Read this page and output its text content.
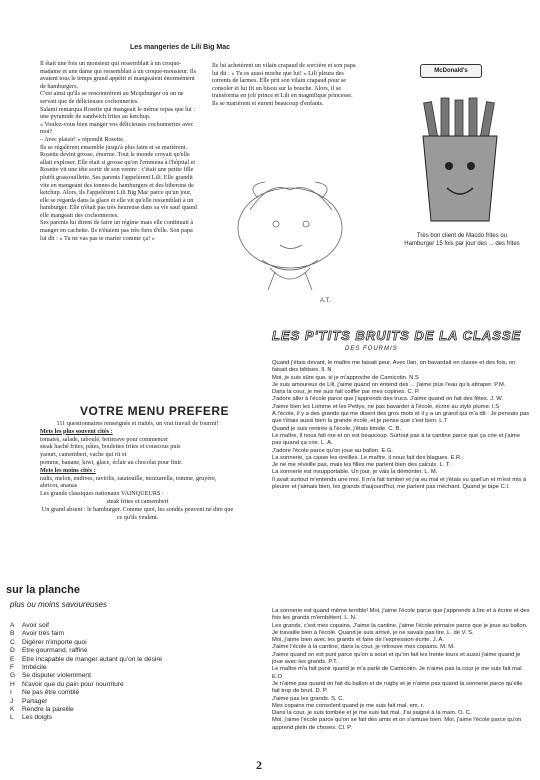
Les mangeries de Lili Big Mac

Il était une fois un monsieur qui ressemblait à un croque-madame et une dame qui ressemblait à un croque-monsieur. Ils avaient tous le temps grand appétit et mangeaient énormément de hamburgers.

C'est ainsi qu'ils se rencontrèrent au Mcquburger où on ne servait que de délicieuses cochonneries.

Salami remarqua Rosette qui mangeait le même repas que lui : une pyramide de sandwich frites au ketchup.

« Voulez-vous bien manger vos délicieuses cochonneries avec moi?

– Avec plaisir! » répondit Rosette.

Ils se régalèrent ensemble jusqu'à plus faim et se marièrent. Rosette devint grosse, énorme. Tout le monde croyait qu'elle allait exploser. Elle était si grosse qu'on l'emmena à l'hôpital et Rosette vit une tête sortir de son ventre : c'était une petite fille plutôt grassouillette. Ses parents l'appelèrent Lili. Elle grandit vite en mangeant des tonnes de hamburgers et des biberons de ketchup. Alors, ils l'appelèrent Lili Big Mac parce qu'un jour, elle se regarda dans la glace et elle vit qu'elle ressemblait à un hamburger. Elle n'était pas très heureuse dans sa vie sauf quand elle mangeait des cochonneries.

Ses parents lui dirent de faire un régime mais elle continuait à manger en cachette. Ils n'étaient pas très fiers d'elle. Son papa lui dit : « Tu ne vas pas te marier comme ça! »

Ils lui achetèrent un vilain crapaud de sorcière et son papa lui dit : « Tu es aussi moche que lui! » Lili pleura des torrents de larmes. Elle prit son vilain crapaud pour se consoler et lui fit un bisou sur la bouche. Alors, il se transforma en joli prince et Lili en magnifique princesse. Ils se marièrent et eurent beaucoup d'enfants.

A.T.
McDonald's
Très bon client de Macdo frites ou Hamburger 15 fois par jour des ... des frites
VOTRE MENU PREFERE
111 questionnaires renseignés et traités, un vrai travail de fourmi!
Mets les plus souvent cités :
tomates, salade, taboulé, betterave pour commencer
steak haché frites, pâtes, boulettes frites et couscous puis
yaourt, camembert, vache qui rit et
pomme, banane, kiwi, glace, éclair au chocolat pour finir.
Mets les moins cités :
radis, melon, endives, raviolis, ratatouille, mozzarella, tomme, gruyère, abricot, ananas
Les grands classiques nationaux VAINQUEURS :
steak frites et camembert
Un grand absent : le hamburger. Comme quoi, les sondés peuvent ne dire que ce qu'ils veulent.
sur la planche
plus ou moins savoureuses
A	Avoir soif
B	Avoir très faim
C	Digérer n'importe quoi
D	Etre gourmand, raffiné
E	Etre incapable de manger autant qu'on le désire
F	Imbécile
G	Se disputer violemment
H	N'avoir que du pain pour nourriture
I	Ne pas être comblé
J	Partager
K	Rendre la pareille
L	Les doigts
LES P'TITS BRUITS DE LA CLASSE
DES FOURMIS

Quand j'étais devant, le maître me faisait peur. Avec Ilan, on bavardait en classe et des fois, on faisait des bêtises. Il. N

Moi, je suis sûre que, si je m'approche de Camicotin. N.S

Je suis amoureux de Lili, j'aime quand on entend des ... j'aime plus l'eau qu'à attraper. P.M.

Dans la cour, je me suis fait coiffer par mes copines. C. P.

J'adore aller à l'école parce que j'apprends des trucs. J'aime quand on fait des fêtes. J. W.

J'aime bien les Lomme et les Pettys, ne pas bavarder à l'école, écrire au stylo plume. I.S

À l'école, il y a des grands qui me disent des gros mots et il y a un grand qui m'a dit : Je pensais pas que t'étais aussi bien la grande école, et je pense que c'est bien. L.T

Quand je suis rentrée à l'école, j'étais timide. C. B.

Le maître, il nous fait rire et on est beaucoup. Surtout pas à la cantine parce que ça crie et j'aime pas quand ça crie. L. A.

J'adore l'école parce qu'on joue au ballon. E.G.

La sonnerie, ça casse les oreilles. Le maître, il nous fait des blagues. E.R.

Je ne me réveille pas, mais les filles me parlent bien des calculs. L. T.

La sonnerie est insupportable. Un jour, je vais la démonter. L. M.

Il avait surtout m'entends une moi. Il m'a fait tomber et j'ai eu mal et j'étais vu quel'un et m'est mis à pleurer et j'aimais bien, les grands d'aujourd'hui, me parlent pas méchant. Quand je tape C.I.

La sonnerie est quand même terrible! Moi, j'aime l'école parce que j'apprends à lire et à écrire et des fois les grands m'embêtent. L. N.

Les grands, c'est mes copains. J'aime la cantine, j'aime l'école primaire parce que je joue au ballon. Je travaille bien à l'école. Quand je suis arrivé, je ne savais pas lire. L. de V. S.

Moi, j'aime bien avec les grands et faire de l'expression écrite. J. A.

J'aime l'école à la cantine, dans la cour, je retrouve mes copains. M. M.

J'aime quand on est puni parce qu'on a souri et qu'on fait les trente tours et aussi j'aime quand je joue avec les grands. P.T.

Le maître m'a fait punir quand je m'a parlé de Camicotin. Je n'aime pas la cour je me suis fait mal. E.O

Je n'aime pas quand on fait du ballon et de rugby et je n'aime pas quand la sonnerie parce qu'elle fait trop de bruit. D. P.

J'aime pas les grands. S. C.

Mes copains me consolent quand je me suis fait mal. em. r.

Dans la cour, je suis tombée et je me suis fait mal. J'ai saigné à la main. O. C.

Moi, j'aime l'école parce qu'on se fait des amis et on s'amuse bien. Moi, j'aime l'école parce qu'on apprend plein de choses. Cl. P.

2
